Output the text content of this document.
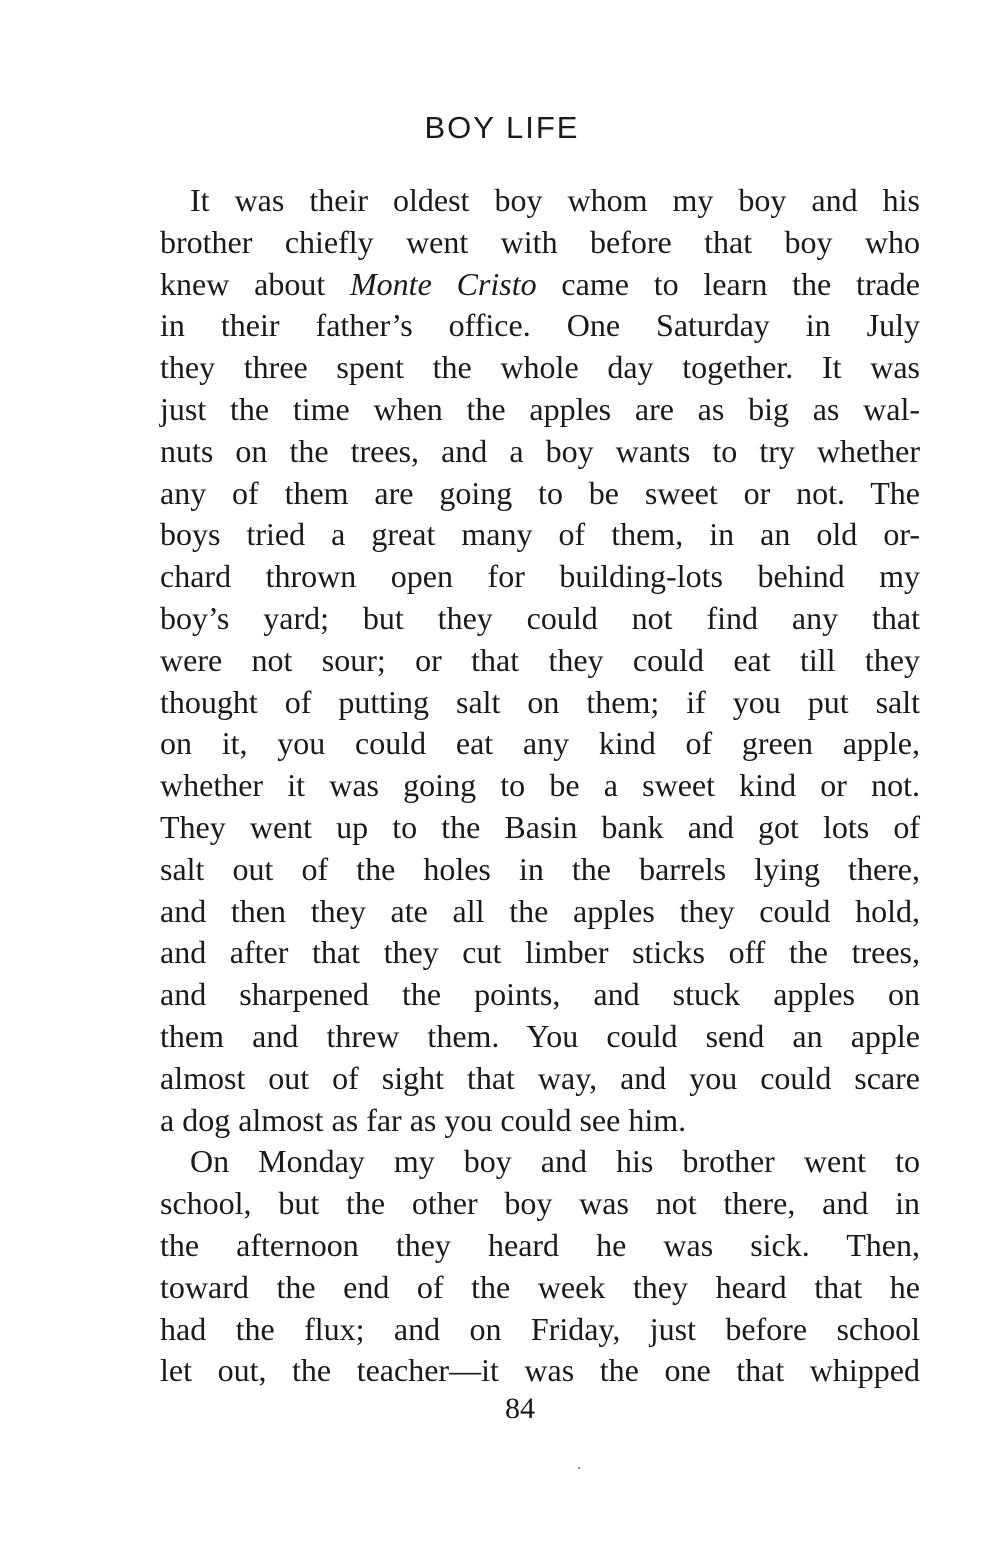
BOY LIFE
It was their oldest boy whom my boy and his
brother chiefly went with before that boy who
knew about Monte Cristo came to learn the trade
in their father’s office. One Saturday in July
they three spent the whole day together. It was
just the time when the apples are as big as wal-
nuts on the trees, and a boy wants to try whether
any of them are going to be sweet or not. The
boys tried a great many of them, in an old or-
chard thrown open for building-lots behind my
boy’s yard; but they could not find any that
were not sour; or that they could eat till they
thought of putting salt on them; if you put salt
on it, you could eat any kind of green apple,
whether it was going to be a sweet kind or not.
They went up to the Basin bank and got lots of
salt out of the holes in the barrels lying there,
and then they ate all the apples they could hold,
and after that they cut limber sticks off the trees,
and sharpened the points, and stuck apples on
them and threw them. You could send an apple
almost out of sight that way, and you could scare
a dog almost as far as you could see him.
On Monday my boy and his brother went to
school, but the other boy was not there, and in
the afternoon they heard he was sick. Then,
toward the end of the week they heard that he
had the flux; and on Friday, just before school
let out, the teacher—it was the one that whipped
84
